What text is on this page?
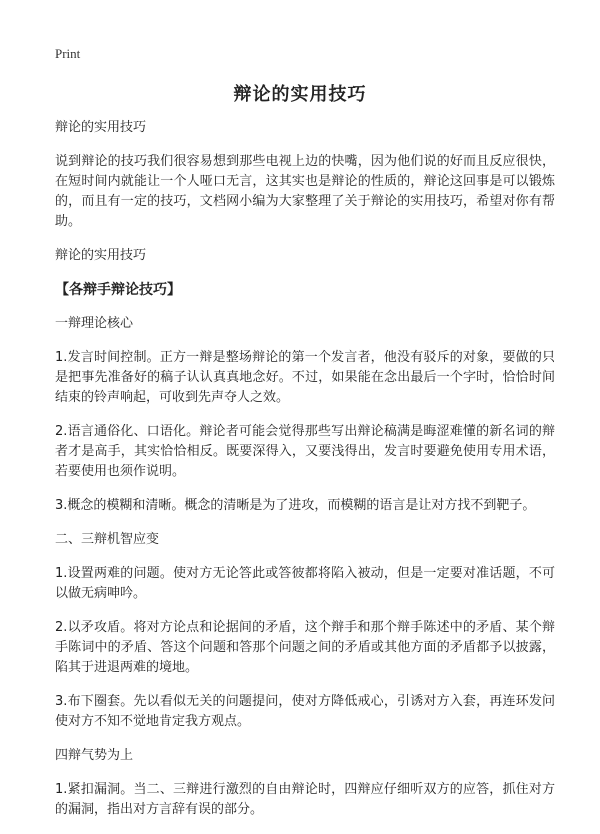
Print
辩论的实用技巧

辩论的实用技巧

说到辩论的技巧我们很容易想到那些电视上边的快嘴，因为他们说的好而且反应很快，在短时间内就能让一个人哑口无言，这其实也是辩论的性质的，辩论这回事是可以锻炼的，而且有一定的技巧，文档网小编为大家整理了关于辩论的实用技巧，希望对你有帮助。

辩论的实用技巧

【各辩手辩论技巧】

一辩理论核心

1.发言时间控制。正方一辩是整场辩论的第一个发言者，他没有驳斥的对象，要做的只是把事先准备好的稿子认认真真地念好。不过，如果能在念出最后一个字时，恰恰时间结束的铃声响起，可收到先声夺人之效。

2.语言通俗化、口语化。辩论者可能会觉得那些写出辩论稿满是晦涩难懂的新名词的辩者才是高手，其实恰恰相反。既要深得入，又要浅得出，发言时要避免使用专用术语，若要使用也须作说明。

3.概念的模糊和清晰。概念的清晰是为了进攻，而模糊的语言是让对方找不到靶子。

二、三辩机智应变

1.设置两难的问题。使对方无论答此或答彼都将陷入被动，但是一定要对准话题，不可以做无病呻吟。

2.以矛攻盾。将对方论点和论据间的矛盾，这个辩手和那个辩手陈述中的矛盾、某个辩手陈词中的矛盾、答这个问题和答那个问题之间的矛盾或其他方面的矛盾都予以披露，陷其于进退两难的境地。

3.布下圈套。先以看似无关的问题提问，使对方降低戒心，引诱对方入套，再连环发问使对方不知不觉地肯定我方观点。

四辩气势为上

1.紧扣漏洞。当二、三辩进行激烈的自由辩论时，四辩应仔细听双方的应答，抓住对方的漏洞，指出对方言辞有误的部分。
